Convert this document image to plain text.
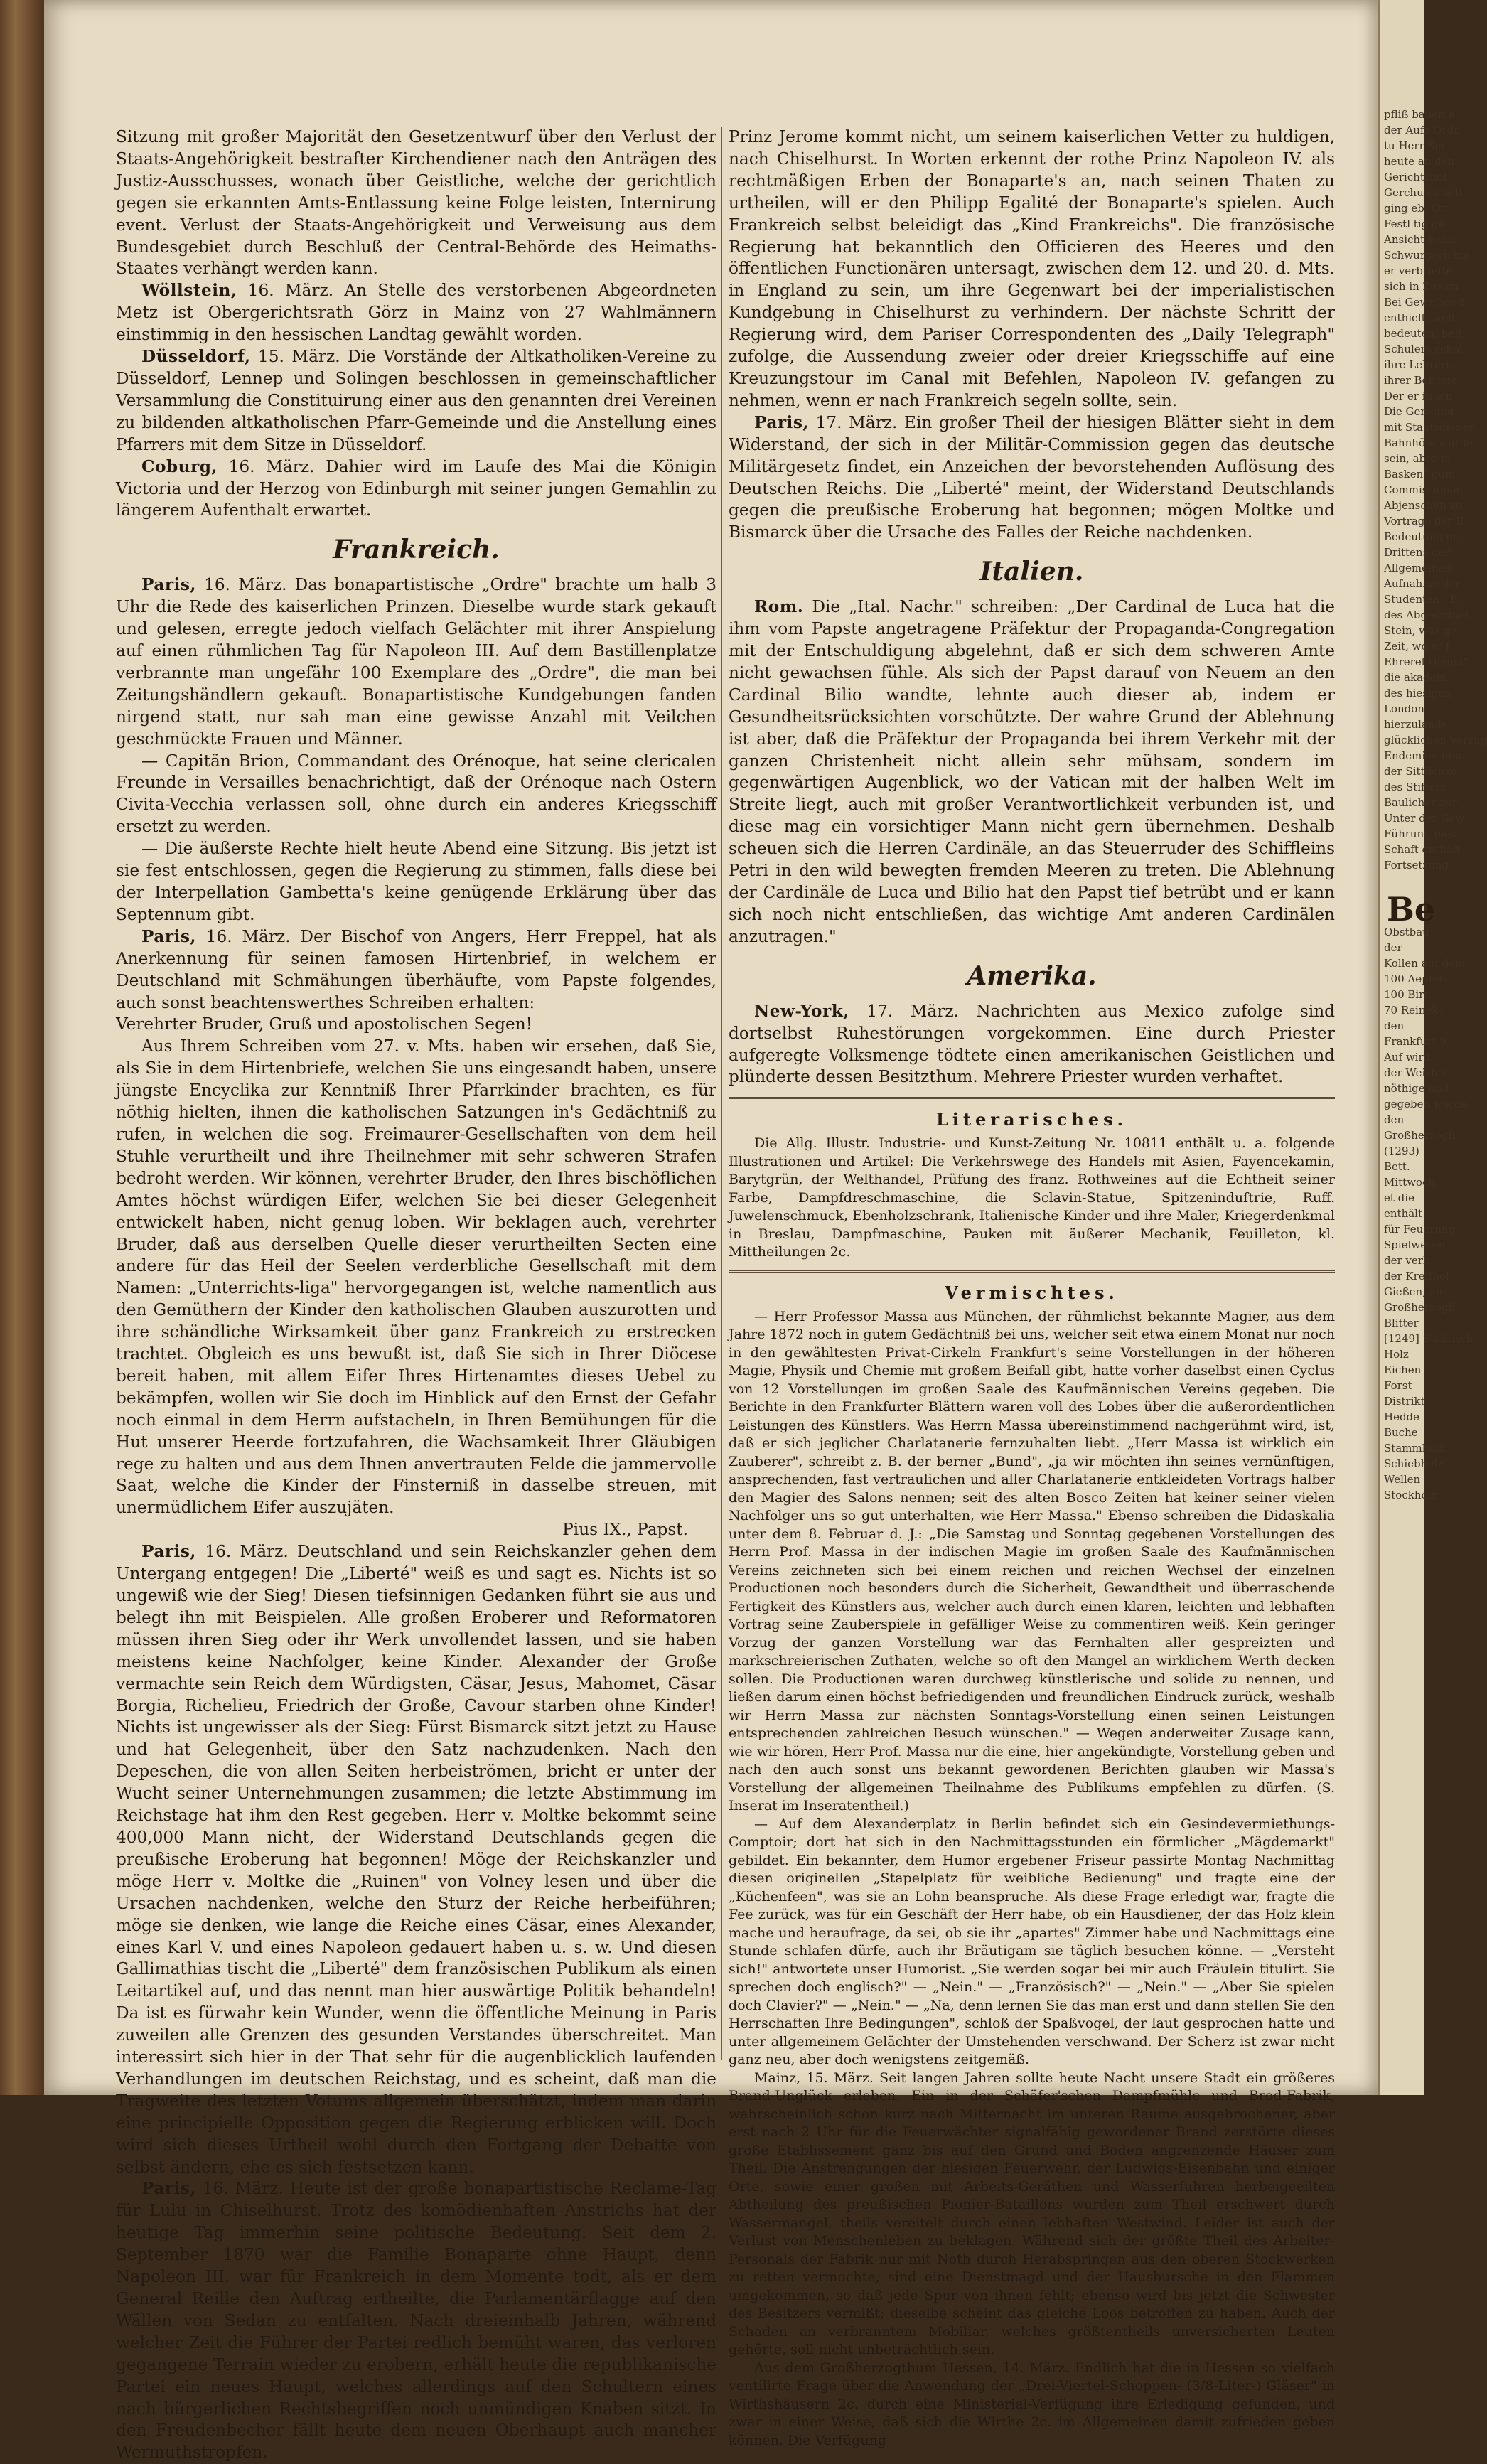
Sitzung mit großer Majorität den Gesetzentwurf über den Verlust der Staats-Angehörigkeit bestrafter Kirchendiener nach den Anträgen des Justiz-Ausschusses, wonach über Geistliche, welche der gerichtlich gegen sie erkannten Amts-Entlassung keine Folge leisten, Internirung event. Verlust der Staats-Angehörigkeit und Verweisung aus dem Bundesgebiet durch Beschluß der Central-Behörde des Heimaths-Staates verhängt werden kann.

Wöllstein, 16. März. An Stelle des verstorbenen Abgeordneten Metz ist Obergerichtsrath Görz in Mainz von 27 Wahlmännern einstimmig in den hessischen Landtag gewählt worden.

Düsseldorf, 15. März. Die Vorstände der Altkatholiken-Vereine zu Düsseldorf, Lennep und Solingen beschlossen in gemeinschaftlicher Versammlung die Constituirung einer aus den genannten drei Vereinen zu bildenden altkatholischen Pfarr-Gemeinde und die Anstellung eines Pfarrers mit dem Sitze in Düsseldorf.

Coburg, 16. März. Dahier wird im Laufe des Mai die Königin Victoria und der Herzog von Edinburgh mit seiner jungen Gemahlin zu längerem Aufenthalt erwartet.

Frankreich.

Paris, 16. März. Das bonapartistische „Ordre" brachte um halb 3 Uhr die Rede des kaiserlichen Prinzen. Dieselbe wurde stark gekauft und gelesen, erregte jedoch vielfach Gelächter mit ihrer Anspielung auf einen rühmlichen Tag für Napoleon III. Auf dem Bastillenplatze verbrannte man ungefähr 100 Exemplare des „Ordre", die man bei Zeitungshändlern gekauft. Bonapartistische Kundgebungen fanden nirgend statt, nur sah man eine gewisse Anzahl mit Veilchen geschmückte Frauen und Männer.

— Capitän Brion, Commandant des Orénoque, hat seine clericalen Freunde in Versailles benachrichtigt, daß der Orénoque nach Ostern Civita-Vecchia verlassen soll, ohne durch ein anderes Kriegsschiff ersetzt zu werden.

— Die äußerste Rechte hielt heute Abend eine Sitzung. Bis jetzt ist sie fest entschlossen, gegen die Regierung zu stimmen, falls diese bei der Interpellation Gambetta's keine genügende Erklärung über das Septennum gibt.

Paris, 16. März. Der Bischof von Angers, Herr Freppel, hat als Anerkennung für seinen famosen Hirtenbrief, in welchem er Deutschland mit Schmähungen überhäufte, vom Papste folgendes, auch sonst beachtenswerthes Schreiben erhalten:

Verehrter Bruder, Gruß und apostolischen Segen!

Aus Ihrem Schreiben vom 27. v. Mts. haben wir ersehen, daß Sie, als Sie in dem Hirtenbriefe, welchen Sie uns eingesandt haben, unsere jüngste Encyclika zur Kenntniß Ihrer Pfarrkinder brachten, es für nöthig hielten, ihnen die katholischen Satzungen in's Gedächtniß zu rufen, in welchen die sog. Freimaurer-Gesellschaften von dem heil Stuhle verurtheilt und ihre Theilnehmer mit sehr schweren Strafen bedroht werden. Wir können, verehrter Bruder, den Ihres bischöflichen Amtes höchst würdigen Eifer, welchen Sie bei dieser Gelegenheit entwickelt haben, nicht genug loben. Wir beklagen auch, verehrter Bruder, daß aus derselben Quelle dieser verurtheilten Secten eine andere für das Heil der Seelen verderbliche Gesellschaft mit dem Namen: „Unterrichts-liga" hervorgegangen ist, welche namentlich aus den Gemüthern der Kinder den katholischen Glauben auszurotten und ihre schändliche Wirksamkeit über ganz Frankreich zu erstrecken trachtet. Obgleich es uns bewußt ist, daß Sie sich in Ihrer Diöcese bereit haben, mit allem Eifer Ihres Hirtenamtes dieses Uebel zu bekämpfen, wollen wir Sie doch im Hinblick auf den Ernst der Gefahr noch einmal in dem Herrn aufstacheln, in Ihren Bemühungen für die Hut unserer Heerde fortzufahren, die Wachsamkeit Ihrer Gläubigen rege zu halten und aus dem Ihnen anvertrauten Felde die jammervolle Saat, welche die Kinder der Finsterniß in dasselbe streuen, mit unermüdlichem Eifer auszujäten.

Pius IX., Papst.

Paris, 16. März. Deutschland und sein Reichskanzler gehen dem Untergang entgegen! Die „Liberté" weiß es und sagt es. Nichts ist so ungewiß wie der Sieg! Diesen tiefsinnigen Gedanken führt sie aus und belegt ihn mit Beispielen. Alle großen Eroberer und Reformatoren müssen ihren Sieg oder ihr Werk unvollendet lassen, und sie haben meistens keine Nachfolger, keine Kinder. Alexander der Große vermachte sein Reich dem Würdigsten, Cäsar, Jesus, Mahomet, Cäsar Borgia, Richelieu, Friedrich der Große, Cavour starben ohne Kinder! Nichts ist ungewisser als der Sieg: Fürst Bismarck sitzt jetzt zu Hause und hat Gelegenheit, über den Satz nachzudenken. Nach den Depeschen, die von allen Seiten herbeiströmen, bricht er unter der Wucht seiner Unternehmungen zusammen; die letzte Abstimmung im Reichstage hat ihm den Rest gegeben. Herr v. Moltke bekommt seine 400,000 Mann nicht, der Widerstand Deutschlands gegen die preußische Eroberung hat begonnen! Möge der Reichskanzler und möge Herr v. Moltke die „Ruinen" von Volney lesen und über die Ursachen nachdenken, welche den Sturz der Reiche herbeiführen; möge sie denken, wie lange die Reiche eines Cäsar, eines Alexander, eines Karl V. und eines Napoleon gedauert haben u. s. w. Und diesen Gallimathias tischt die „Liberté" dem französischen Publikum als einen Leitartikel auf, und das nennt man hier auswärtige Politik behandeln! Da ist es fürwahr kein Wunder, wenn die öffentliche Meinung in Paris zuweilen alle Grenzen des gesunden Verstandes überschreitet. Man interessirt sich hier in der That sehr für die augenblicklich laufenden Verhandlungen im deutschen Reichstag, und es scheint, daß man die Tragweite des letzten Votums allgemein überschätzt, indem man darin eine principielle Opposition gegen die Regierung erblicken will. Doch wird sich dieses Urtheil wohl durch den Fortgang der Debatte von selbst ändern, ehe es sich festsetzen kann.

Paris, 16. März. Heute ist der große bonapartistische Reclame-Tag für Lulu in Chiselhurst. Trotz des komödienhaften Anstrichs hat der heutige Tag immerhin seine politische Bedeutung. Seit dem 2. September 1870 war die Familie Bonaparte ohne Haupt, denn Napoleon III. war für Frankreich in dem Momente todt, als er dem General Reille den Auftrag ertheilte, die Parlamentärflagge auf den Wällen von Sedan zu entfalten. Nach dreieinhalb Jahren, während welcher Zeit die Führer der Partei redlich bemüht waren, das verloren gegangene Terrain wieder zu erobern, erhält heute die republikanische Partei ein neues Haupt, welches allerdings auf den Schultern eines nach bürgerlichen Rechtsbegriffen noch unmündigen Knaben sitzt. In den Freudenbecher fällt heute dem neuen Oberhaupt auch mancher Wermuthstropfen.

Prinz Jerome kommt nicht, um seinem kaiserlichen Vetter zu huldigen, nach Chiselhurst. In Worten erkennt der rothe Prinz Napoleon IV. als rechtmäßigen Erben der Bonaparte's an, nach seinen Thaten zu urtheilen, will er den Philipp Egalité der Bonaparte's spielen. Auch Frankreich selbst beleidigt das „Kind Frankreichs". Die französische Regierung hat bekanntlich den Officieren des Heeres und den öffentlichen Functionären untersagt, zwischen dem 12. und 20. d. Mts. in England zu sein, um ihre Gegenwart bei der imperialistischen Kundgebung in Chiselhurst zu verhindern. Der nächste Schritt der Regierung wird, dem Pariser Correspondenten des „Daily Telegraph" zufolge, die Aussendung zweier oder dreier Kriegsschiffe auf eine Kreuzungstour im Canal mit Befehlen, Napoleon IV. gefangen zu nehmen, wenn er nach Frankreich segeln sollte, sein.

Paris, 17. März. Ein großer Theil der hiesigen Blätter sieht in dem Widerstand, der sich in der Militär-Commission gegen das deutsche Militärgesetz findet, ein Anzeichen der bevorstehenden Auflösung des Deutschen Reichs. Die „Liberté" meint, der Widerstand Deutschlands gegen die preußische Eroberung hat begonnen; mögen Moltke und Bismarck über die Ursache des Falles der Reiche nachdenken.

Italien.

Rom. Die „Ital. Nachr." schreiben: „Der Cardinal de Luca hat die ihm vom Papste angetragene Präfektur der Propaganda-Congregation mit der Entschuldigung abgelehnt, daß er sich dem schweren Amte nicht gewachsen fühle. Als sich der Papst darauf von Neuem an den Cardinal Bilio wandte, lehnte auch dieser ab, indem er Gesundheitsrücksichten vorschützte. Der wahre Grund der Ablehnung ist aber, daß die Präfektur der Propaganda bei ihrem Verkehr mit der ganzen Christenheit nicht allein sehr mühsam, sondern im gegenwärtigen Augenblick, wo der Vatican mit der halben Welt im Streite liegt, auch mit großer Verantwortlichkeit verbunden ist, und diese mag ein vorsichtiger Mann nicht gern übernehmen. Deshalb scheuen sich die Herren Cardinäle, an das Steuerruder des Schiffleins Petri in den wild bewegten fremden Meeren zu treten. Die Ablehnung der Cardinäle de Luca und Bilio hat den Papst tief betrübt und er kann sich noch nicht entschließen, das wichtige Amt anderen Cardinälen anzutragen."

Amerika.

New-York, 17. März. Nachrichten aus Mexico zufolge sind dortselbst Ruhestörungen vorgekommen. Eine durch Priester aufgeregte Volksmenge tödtete einen amerikanischen Geistlichen und plünderte dessen Besitzthum. Mehrere Priester wurden verhaftet.

Literarisches.

Die Allg. Illustr. Industrie- und Kunst-Zeitung Nr. 10811 enthält u. a. folgende Illustrationen und Artikel: Die Verkehrswege des Handels mit Asien, Fayencekamin, Barytgrün, der Welthandel, Prüfung des franz. Rothweines auf die Echtheit seiner Farbe, Dampfdreschmaschine, die Sclavin-Statue, Spitzeninduſtrie, Ruff. Juwelenschmuck, Ebenholzschrank, Italienische Kinder und ihre Maler, Kriegerdenkmal in Breslau, Dampfmaschine, Pauken mit äußerer Mechanik, Feuilleton, kl. Mittheilungen 2c.

Vermischtes.

— Herr Professor Massa aus München, der rühmlichst bekannte Magier, aus dem Jahre 1872 noch in gutem Gedächtniß bei uns, welcher seit etwa einem Monat nur noch in den gewähltesten Privat-Cirkeln Frankfurt's seine Vorstellungen in der höheren Magie, Physik und Chemie mit großem Beifall gibt, hatte vorher daselbst einen Cyclus von 12 Vorstellungen im großen Saale des Kaufmännischen Vereins gegeben. Die Berichte in den Frankfurter Blättern waren voll des Lobes über die außerordentlichen Leistungen des Künstlers. Was Herrn Massa übereinstimmend nachgerühmt wird, ist, daß er sich jeglicher Charlatanerie fernzuhalten liebt. „Herr Massa ist wirklich ein Zauberer", schreibt z. B. der berner „Bund", „ja wir möchten ihn seines vernünftigen, ansprechenden, fast vertraulichen und aller Charlatanerie entkleideten Vortrags halber den Magier des Salons nennen; seit des alten Bosco Zeiten hat keiner seiner vielen Nachfolger uns so gut unterhalten, wie Herr Massa." Ebenso schreiben die Didaskalia unter dem 8. Februar d. J.: „Die Samstag und Sonntag gegebenen Vorstellungen des Herrn Prof. Massa in der indischen Magie im großen Saale des Kaufmännischen Vereins zeichneten sich bei einem reichen und reichen Wechsel der einzelnen Productionen noch besonders durch die Sicherheit, Gewandtheit und überraschende Fertigkeit des Künstlers aus, welcher auch durch einen klaren, leichten und lebhaften Vortrag seine Zauberspiele in gefälliger Weise zu commentiren weiß. Kein geringer Vorzug der ganzen Vorstellung war das Fernhalten aller gespreizten und markschreierischen Zuthaten, welche so oft den Mangel an wirklichem Werth decken sollen. Die Productionen waren durchweg künstlerische und solide zu nennen, und ließen darum einen höchst befriedigenden und freundlichen Eindruck zurück, weshalb wir Herrn Massa zur nächsten Sonntags-Vorstellung einen seinen Leistungen entsprechenden zahlreichen Besuch wünschen." — Wegen anderweiter Zusage kann, wie wir hören, Herr Prof. Massa nur die eine, hier angekündigte, Vorstellung geben und nach den auch sonst uns bekannt gewordenen Berichten glauben wir Massa's Vorstellung der allgemeinen Theilnahme des Publikums empfehlen zu dürfen. (S. Inserat im Inseratentheil.)

— Auf dem Alexanderplatz in Berlin befindet sich ein Gesindevermiethungs-Comptoir; dort hat sich in den Nachmittagsstunden ein förmlicher „Mägdemarkt" gebildet. Ein bekannter, dem Humor ergebener Friseur passirte Montag Nachmittag diesen originellen „Stapelplatz für weibliche Bedienung" und fragte eine der „Küchenfeen", was sie an Lohn beanspruche. Als diese Frage erledigt war, fragte die Fee zurück, was für ein Geschäft der Herr habe, ob ein Hausdiener, der das Holz klein mache und heraufrage, da sei, ob sie ihr „apartes" Zimmer habe und Nachmittags eine Stunde schlafen dürfe, auch ihr Bräutigam sie täglich besuchen könne. — „Versteht sich!" antwortete unser Humorist. „Sie werden sogar bei mir auch Fräulein titulirt. Sie sprechen doch englisch?" — „Nein." — „Französisch?" — „Nein." — „Aber Sie spielen doch Clavier?" — „Nein." — „Na, denn lernen Sie das man erst und dann stellen Sie den Herrschaften Ihre Bedingungen", schloß der Spaßvogel, der laut gesprochen hatte und unter allgemeinem Gelächter der Umstehenden verschwand. Der Scherz ist zwar nicht ganz neu, aber doch wenigstens zeitgemäß.

Mainz, 15. März. Seit langen Jahren sollte heute Nacht unsere Stadt ein größeres Brand-Unglück erleben. Ein in der Schäfer'schen Dampfmühle und Brod-Fabrik, wahrscheinlich schon kurz nach Mitternacht im unteren Raume ausgebrochener, aber erst nach 2 Uhr für die Feuerwächter signalfähig gewordener Brand zerstörte dieses große Etablissement ganz bis auf den Grund und Boden angrenzende Häuser zum Theil. Die Anstrengungen der hiesigen Feuerwehr, der Ludwigs-Eisenbahn und einiger Orte, sowie einer großen mit Arbeits-Geräthen und Wasserfuhren herbeigeeilten Abtheilung des preußischen Pionier-Bataillons wurden zum Theil erschwert durch Wassermangel, theils vereitelt durch einen lebhaften Westwind. Leider ist auch der Verlust von Menschenleben zu beklagen. Während sich der größte Theil des Arbeiter-Personals der Fabrik nur mit Noth durch Herabspringen aus den oberen Stockwerken zu retten vermochte, sind eine Dienstmagd und der Hausbursche in den Flammen umgekommen, so daß jede Spur von ihnen fehlt; ebenso wird bis jetzt die Schwester des Besitzers vermißt; dieselbe scheint das gleiche Loos betroffen zu haben. Auch der Schaden an verbranntem Mobiliar, welches größtentheils unversicherten Leuten gehörte, soll nicht unbeträchtlich sein.

Aus dem Großherzogthum Hessen, 14. März. Endlich hat die in Hessen so vielfach ventilirte Frage über die Anwendung der „Drei-Viertel-Schoppen- (3/8-Liter-) Gläser" in Wirthshäusern 2c. durch eine Ministerial-Verfügung ihre Erledigung gefunden, und zwar in einer Weise, daß sich die Wirthe 2c. im Allgemeinen damit zufrieden geben können. Die Verfügung

pfliß bauen a
der Aufz Ordn
tu Herr Sec
heute an den
Gerichtshof
Gerchu dieselt
ging eb. Ott
Festl tig ge
Ansicht bedie
Schwurgerichte
er verbriefte
sich in Zusam
Bei Gewirhond
enthielt, welt
bedeuten, belt
Schulers schol
ihre Lehrerin
ihrer Befriete
Der er in ein
Die Gemeind
mit Staatsdiener
Bahnhöfe wurde
sein, aber in
Basken" gum
Commissionen
Abjenschen zu
Vortrage der B
Bedeutung ge
Drittens der
Allgemeinen
Aufnahme der
Studenten - E
des Abgeordnet
Stein, was ge
Zeit, wo er f
Ehrerel Dienst"
die akadem
des hiesigen
London
hierzulande
glücklichen Verzug
Endemien eine
der Sittlichke
des Stifters
Baulicher zur
Unter der Gew
Führung dies
Schaft enthält
Fortsetzung
Be
Obstbau
der
Kollen auf dem
100 Aepfel-
100 Birn-
70 Reinek-
den
Frankfurt 9
Auf wird
der Weisheit
nöthige und
gegeben werde
den
Großherzogli
(1293)
Bett.
Mittwoch
et die
enthält
für Feuerung
Spielwesen
der verb
der Kreffhol
Gießen, am
Großherzogli
Blitter
[1249] Stadtrich
Holz
Eichen
Forst
Distrikt
Hedde
Buche
Stammholz
Schiebholz
Wellen
Stockholz
